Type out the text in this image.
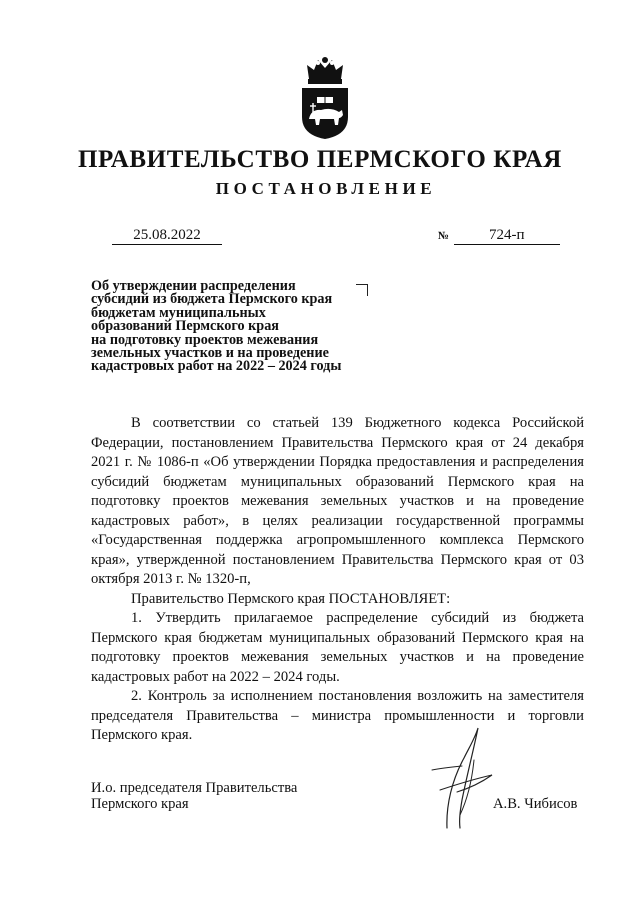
ПРАВИТЕЛЬСТВО ПЕРМСКОГО КРАЯ
ПОСТАНОВЛЕНИЕ
25.08.2022	№	724-п
Об утверждении распределения
субсидий из бюджета Пермского края
бюджетам муниципальных
образований Пермского края
на подготовку проектов межевания
земельных участков и на проведение
кадастровых работ на 2022 – 2024 годы

В соответствии со статьей 139 Бюджетного кодекса Российской Федерации, постановлением Правительства Пермского края от 24 декабря 2021 г. № 1086-п «Об утверждении Порядка предоставления и распределения субсидий бюджетам муниципальных образований Пермского края на подготовку проектов межевания земельных участков и на проведение кадастровых работ», в целях реализации государственной программы «Государственная поддержка агропромышленного комплекса Пермского края», утвержденной постановлением Правительства Пермского края от 03 октября 2013 г. № 1320-п,

Правительство Пермского края ПОСТАНОВЛЯЕТ:

1. Утвердить прилагаемое распределение субсидий из бюджета Пермского края бюджетам муниципальных образований Пермского края на подготовку проектов межевания земельных участков и на проведение кадастровых работ на 2022 – 2024 годы.

2. Контроль за исполнением постановления возложить на заместителя председателя Правительства – министра промышленности и торговли Пермского края.

И.о. председателя Правительства
Пермского края	А.В. Чибисов
